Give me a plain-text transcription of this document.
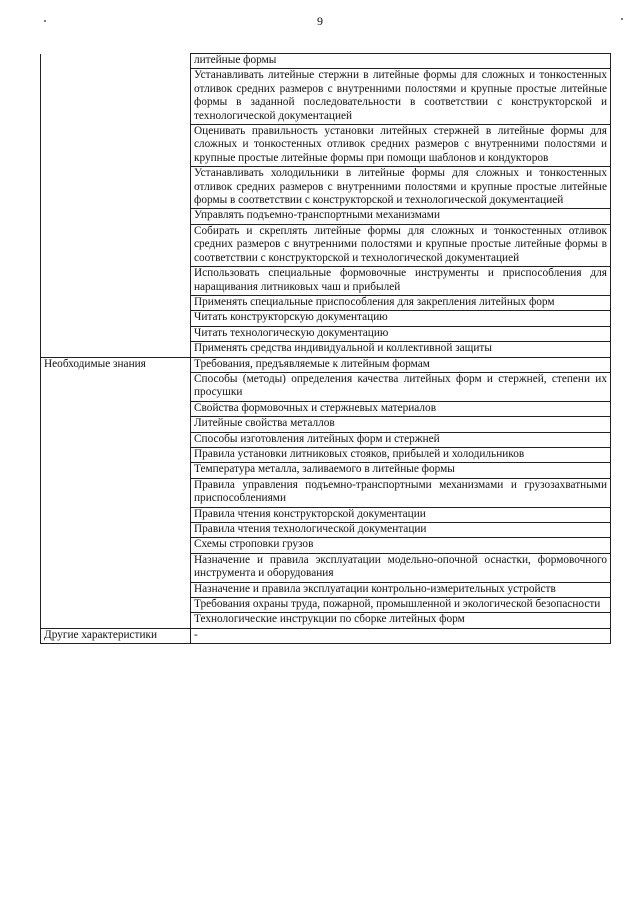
9
	литейные формы
	Устанавливать литейные стержни в литейные формы для сложных и тонкостенных отливок средних размеров с внутренними полостями и крупные простые литейные формы в заданной последовательности в соответствии с конструкторской и технологической документацией
	Оценивать правильность установки литейных стержней в литейные формы для сложных и тонкостенных отливок средних размеров с внутренними полостями и крупные простые литейные формы при помощи шаблонов и кондукторов
	Устанавливать холодильники в литейные формы для сложных и тонкостенных отливок средних размеров с внутренними полостями и крупные простые литейные формы в соответствии с конструкторской и технологической документацией
	Управлять подъемно-транспортными механизмами
	Собирать и скреплять литейные формы для сложных и тонкостенных отливок средних размеров с внутренними полостями и крупные простые литейные формы в соответствии с конструкторской и технологической документацией
	Использовать специальные формовочные инструменты и приспособления для наращивания литниковых чаш и прибылей
	Применять специальные приспособления для закрепления литейных форм
	Читать конструкторскую документацию
	Читать технологическую документацию
	Применять средства индивидуальной и коллективной защиты
Необходимые знания	Требования, предъявляемые к литейным формам
	Способы (методы) определения качества литейных форм и стержней, степени их просушки
	Свойства формовочных и стержневых материалов
	Литейные свойства металлов
	Способы изготовления литейных форм и стержней
	Правила установки литниковых стояков, прибылей и холодильников
	Температура металла, заливаемого в литейные формы
	Правила управления подъемно-транспортными механизмами и грузозахватными приспособлениями
	Правила чтения конструкторской документации
	Правила чтения технологической документации
	Схемы строповки грузов
	Назначение и правила эксплуатации модельно-опочной оснастки, формовочного инструмента и оборудования
	Назначение и правила эксплуатации контрольно-измерительных устройств
	Требования охраны труда, пожарной, промышленной и экологической безопасности
	Технологические инструкции по сборке литейных форм
Другие характеристики	-
